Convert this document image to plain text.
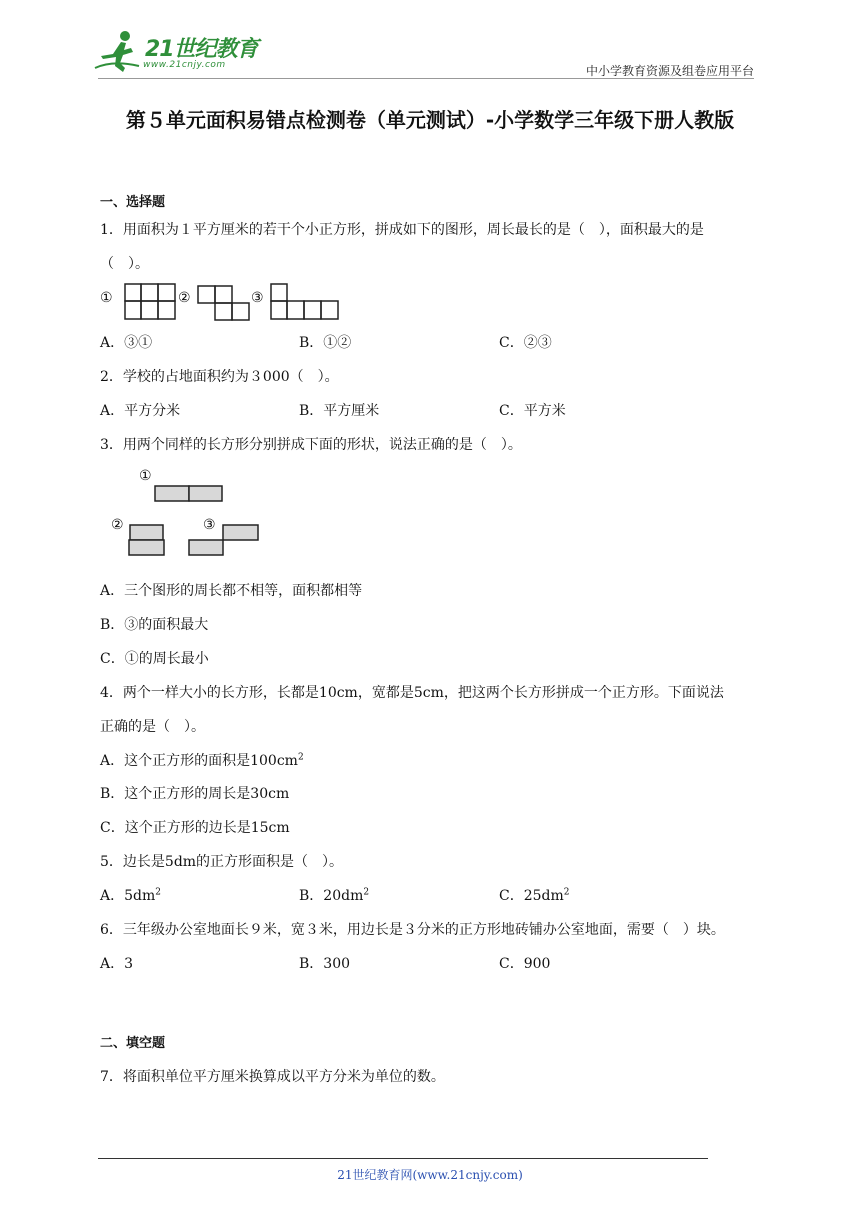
21世纪教育
www.21cnjy.com	中小学教育资源及组卷应用平台
第５单元面积易错点检测卷（单元测试）-小学数学三年级下册人教版
一、选择题
1．用面积为１平方厘米的若干个小正方形，拼成如下的图形，周长最长的是（　），面积最大的是
（　）。
①	②	③
A．③①	B．①②	C．②③
2．学校的占地面积约为３000（　）。
A．平方分米	B．平方厘米	C．平方米
3．用两个同样的长方形分别拼成下面的形状，说法正确的是（　）。
①
②	③
A．三个图形的周长都不相等，面积都相等
B．③的面积最大
C．①的周长最小
4．两个一样大小的长方形，长都是10cm，宽都是5cm，把这两个长方形拼成一个正方形。下面说法
正确的是（　）。
A．这个正方形的面积是$100cm^2$
B．这个正方形的周长是30cm
C．这个正方形的边长是15cm
5．边长是5dm的正方形面积是（　）。
A．$5dm^2$	B．$20dm^2$	C．$25dm^2$
6．三年级办公室地面长９米，宽３米，用边长是３分米的正方形地砖铺办公室地面，需要（　）块。
A．3	B．300	C．900
二、填空题
7．将面积单位平方厘米换算成以平方分米为单位的数。
21世纪教育网(www.21cnjy.com)
